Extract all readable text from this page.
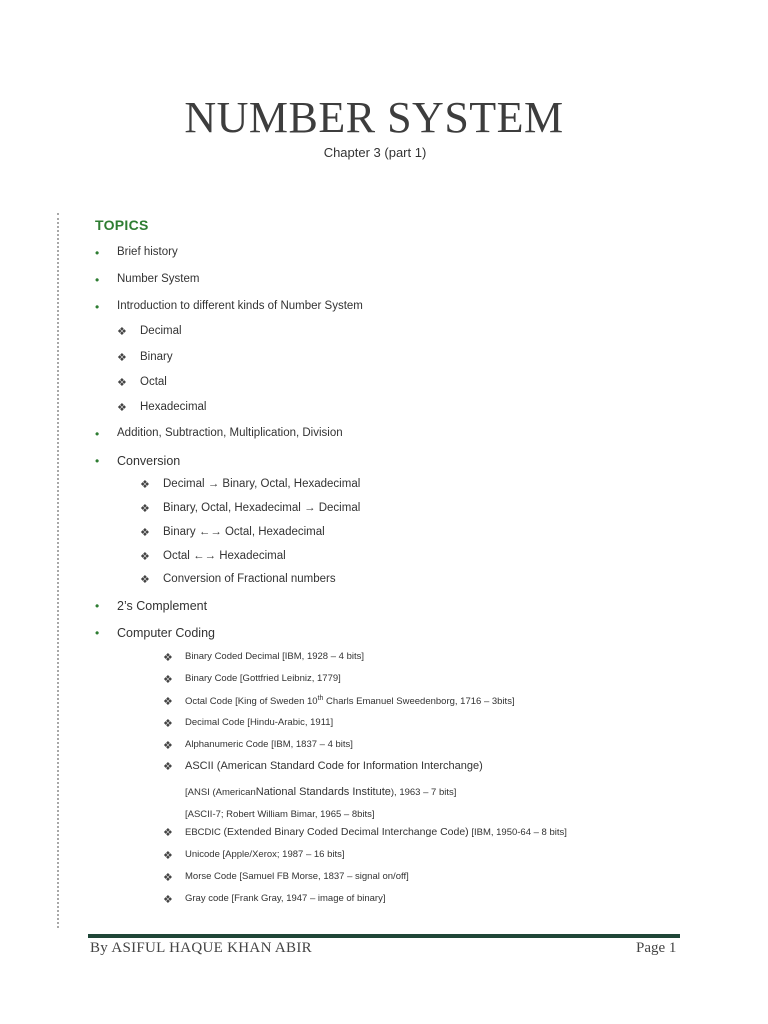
NUMBER SYSTEM
Chapter 3 (part 1)
TOPICS
• Brief history
• Number System
• Introduction to different kinds of Number System
❖ Decimal
❖ Binary
❖ Octal
❖ Hexadecimal
• Addition, Subtraction, Multiplication, Division
• Conversion
❖ Decimal → Binary, Octal, Hexadecimal
❖ Binary, Octal, Hexadecimal → Decimal
❖ Binary ←→ Octal, Hexadecimal
❖ Octal ←→ Hexadecimal
❖ Conversion of Fractional numbers
• 2’s Complement
• Computer Coding
❖ Binary Coded Decimal [IBM, 1928 – 4 bits]
❖ Binary Code [Gottfried Leibniz, 1779]
❖ Octal Code [King of Sweden 10th Charls Emanuel Sweedenborg, 1716 – 3bits]
❖ Decimal Code [Hindu-Arabic, 1911]
❖ Alphanumeric Code [IBM, 1837 – 4 bits]
❖ ASCII (American Standard Code for Information Interchange)
[ANSI (AmericanNational Standards Institute), 1963 – 7 bits]
[ASCII-7; Robert William Bimar, 1965 – 8bits]
❖ EBCDIC (Extended Binary Coded Decimal Interchange Code) [IBM, 1950-64 – 8 bits]
❖ Unicode [Apple/Xerox; 1987 – 16 bits]
❖ Morse Code [Samuel FB Morse, 1837 – signal on/off]
❖ Gray code [Frank Gray, 1947 – image of binary]
By ASIFUL HAQUE KHAN ABIR	Page 1
